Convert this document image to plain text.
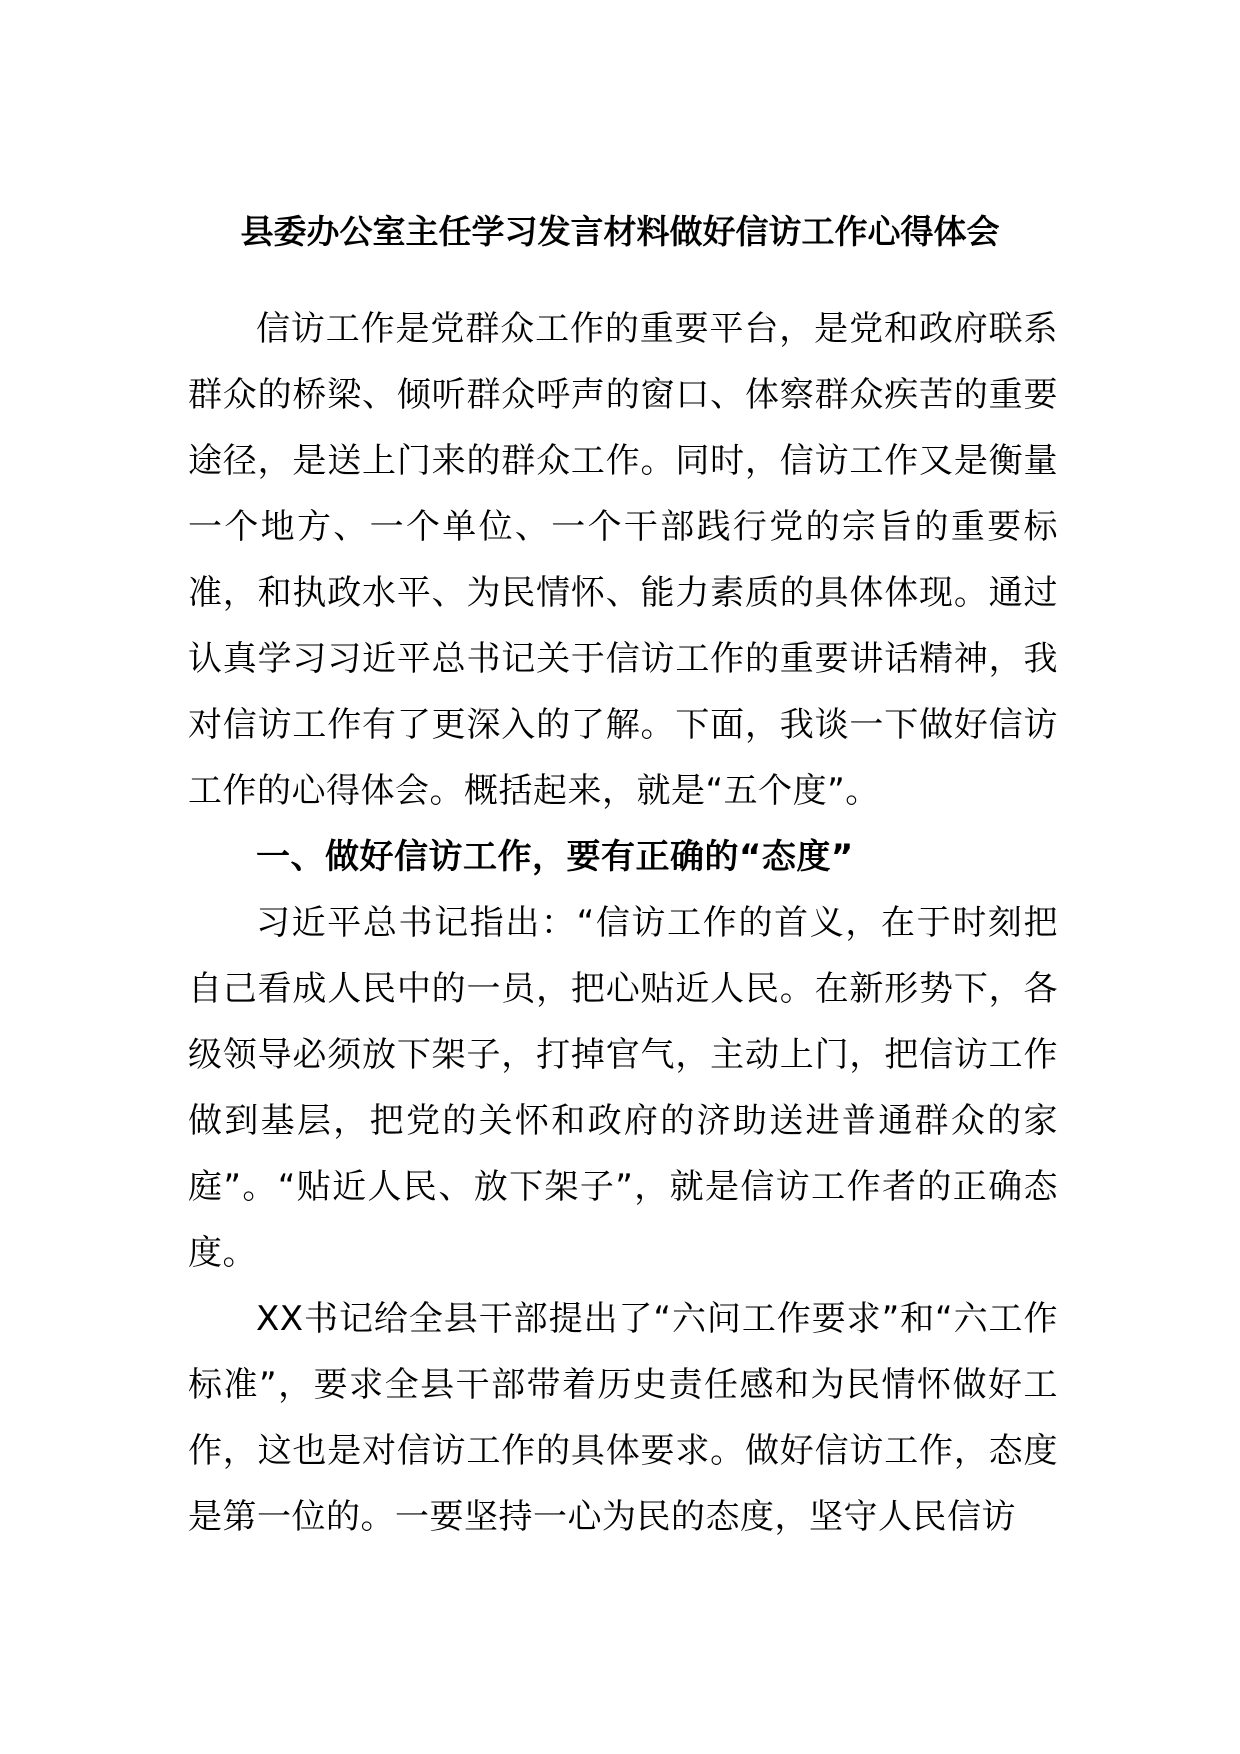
县委办公室主任学习发言材料做好信访工作心得体会

信访工作是党群众工作的重要平台，是党和政府联系群众的桥梁、倾听群众呼声的窗口、体察群众疾苦的重要途径，是送上门来的群众工作。同时，信访工作又是衡量一个地方、一个单位、一个干部践行党的宗旨的重要标准，和执政水平、为民情怀、能力素质的具体体现。通过认真学习习近平总书记关于信访工作的重要讲话精神，我对信访工作有了更深入的了解。下面，我谈一下做好信访工作的心得体会。概括起来，就是“五个度”。

一、做好信访工作，要有正确的“态度”

习近平总书记指出：“信访工作的首义，在于时刻把自己看成人民中的一员，把心贴近人民。在新形势下，各级领导必须放下架子，打掉官气，主动上门，把信访工作做到基层，把党的关怀和政府的济助送进普通群众的家庭”。“贴近人民、放下架子”，就是信访工作者的正确态度。

XX书记给全县干部提出了“六问工作要求”和“六工作标准”，要求全县干部带着历史责任感和为民情怀做好工作，这也是对信访工作的具体要求。做好信访工作，态度是第一位的。一要坚持一心为民的态度，坚守人民信访
